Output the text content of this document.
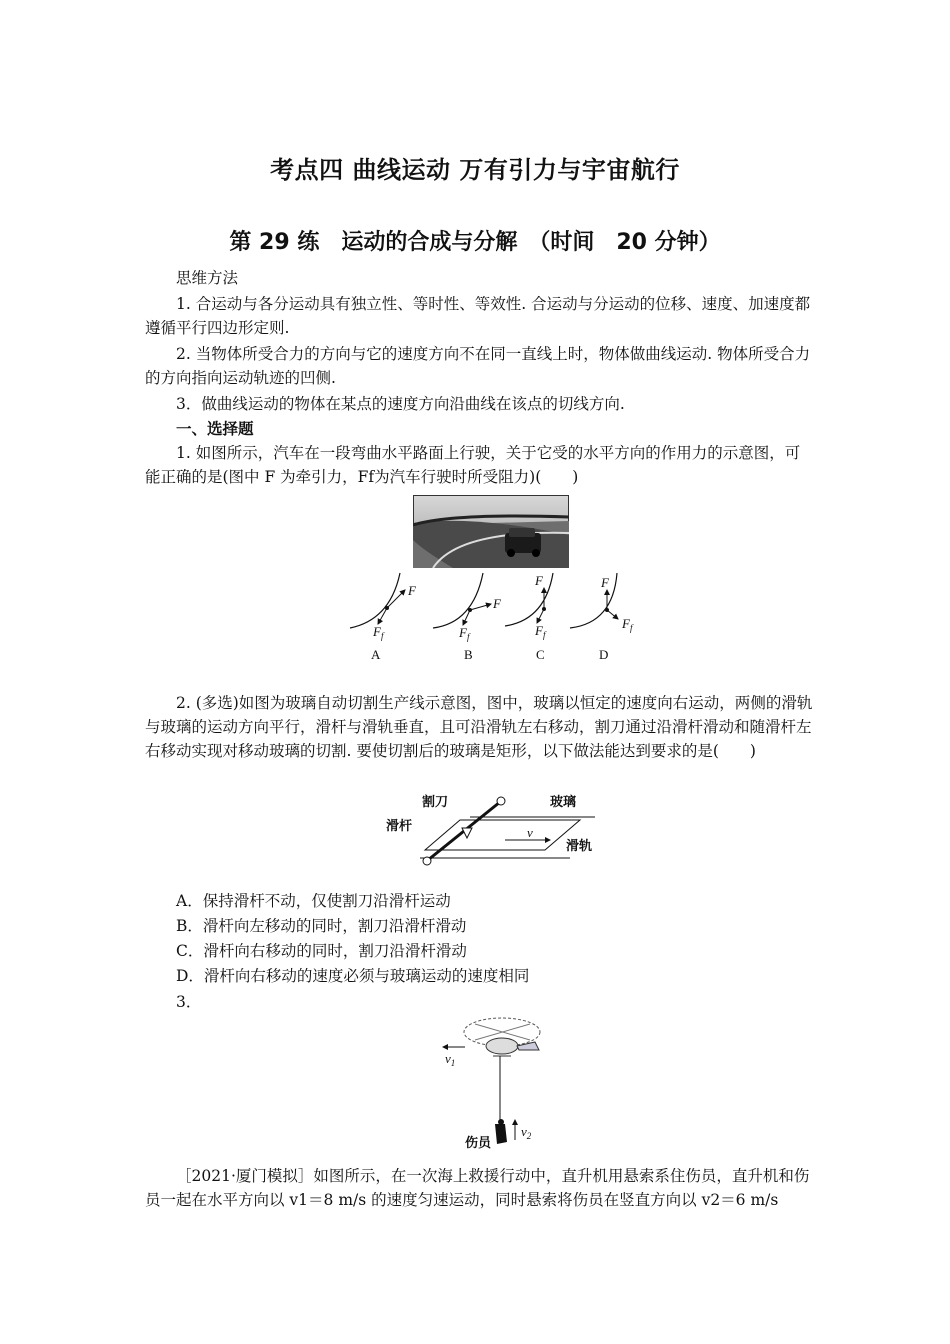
考点四 曲线运动 万有引力与宇宙航行
第 29 练　运动的合成与分解　（时间　20 分钟）
思维方法

1. 合运动与各分运动具有独立性、等时性、等效性. 合运动与分运动的位移、速度、加速度都遵循平行四边形定则.

2. 当物体所受合力的方向与它的速度方向不在同一直线上时，物体做曲线运动. 物体所受合力的方向指向运动轨迹的凹侧.

3．做曲线运动的物体在某点的速度方向沿曲线在该点的切线方向.

一、选择题

1. 如图所示，汽车在一段弯曲水平路面上行驶，关于它受的水平方向的作用力的示意图，可能正确的是(图中 F 为牵引力，Ff为汽车行驶时所受阻力)(　　)

F
$F_f$
A
F
$F_f$
B
F
$F_f$
C
F
$F_f$
D

2. (多选)如图为玻璃自动切割生产线示意图，图中，玻璃以恒定的速度向右运动，两侧的滑轨与玻璃的运动方向平行，滑杆与滑轨垂直，且可沿滑轨左右移动，割刀通过沿滑杆滑动和随滑杆左右移动实现对移动玻璃的切割. 要使切割后的玻璃是矩形，以下做法能达到要求的是(　　)

v
割刀
滑杆
玻璃
滑轨
A．保持滑杆不动，仅使割刀沿滑杆运动
B．滑杆向左移动的同时，割刀沿滑杆滑动
C．滑杆向右移动的同时，割刀沿滑杆滑动
D．滑杆向右移动的速度必须与玻璃运动的速度相同
3．
$v_1$
$v_2$
伤员

［2021·厦门模拟］如图所示，在一次海上救援行动中，直升机用悬索系住伤员，直升机和伤员一起在水平方向以 v1＝8 m/s 的速度匀速运动，同时悬索将伤员在竖直方向以 v2＝6 m/s
